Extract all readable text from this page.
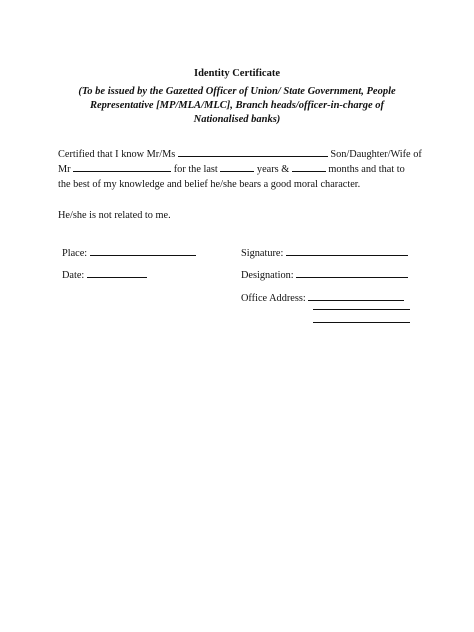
Identity Certificate
(To be issued by the Gazetted Officer of Union/ State Government, People Representative [MP/MLA/MLC], Branch heads/officer-in-charge of Nationalised banks)
Certified that I know Mr/Ms	Son/Daughter/Wife of
Mr	for the last	years &	months and that to
the best of my knowledge and belief he/she bears a good moral character.
He/she is not related to me.
Place:	Signature:
Date:	Designation:
Office Address:
